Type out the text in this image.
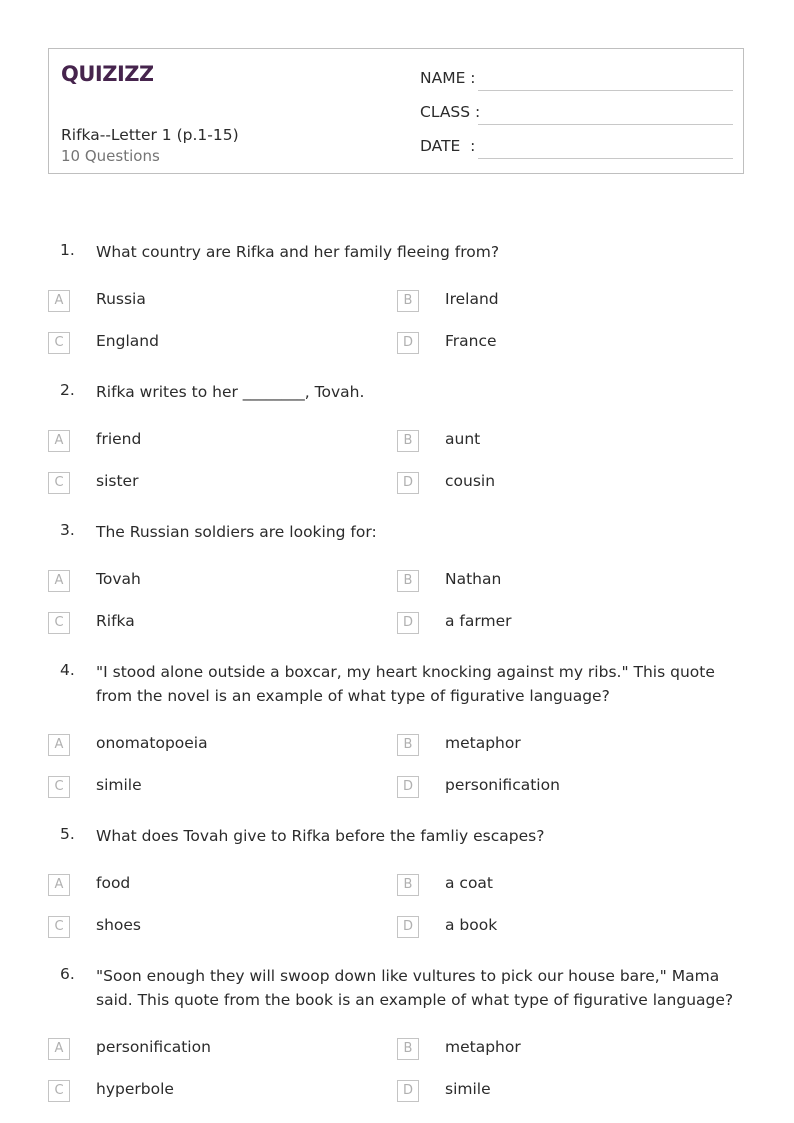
QUIZIZZ
Rifka--Letter 1 (p.1-15)
10 Questions
NAME :
CLASS :
DATE  :
1. What country are Rifka and her family fleeing from?
A	Russia	B	Ireland
C	England	D	France
2. Rifka writes to her ________, Tovah.
A	friend	B	aunt
C	sister	D	cousin
3. The Russian soldiers are looking for:
A	Tovah	B	Nathan
C	Rifka	D	a farmer
4. "I stood alone outside a boxcar, my heart knocking against my ribs." This quote from the novel is an example of what type of figurative language?
A	onomatopoeia	B	metaphor
C	simile	D	personification
5. What does Tovah give to Rifka before the famliy escapes?
A	food	B	a coat
C	shoes	D	a book
6. "Soon enough they will swoop down like vultures to pick our house bare," Mama said. This quote from the book is an example of what type of figurative language?
A	personification	B	metaphor
C	hyperbole	D	simile
